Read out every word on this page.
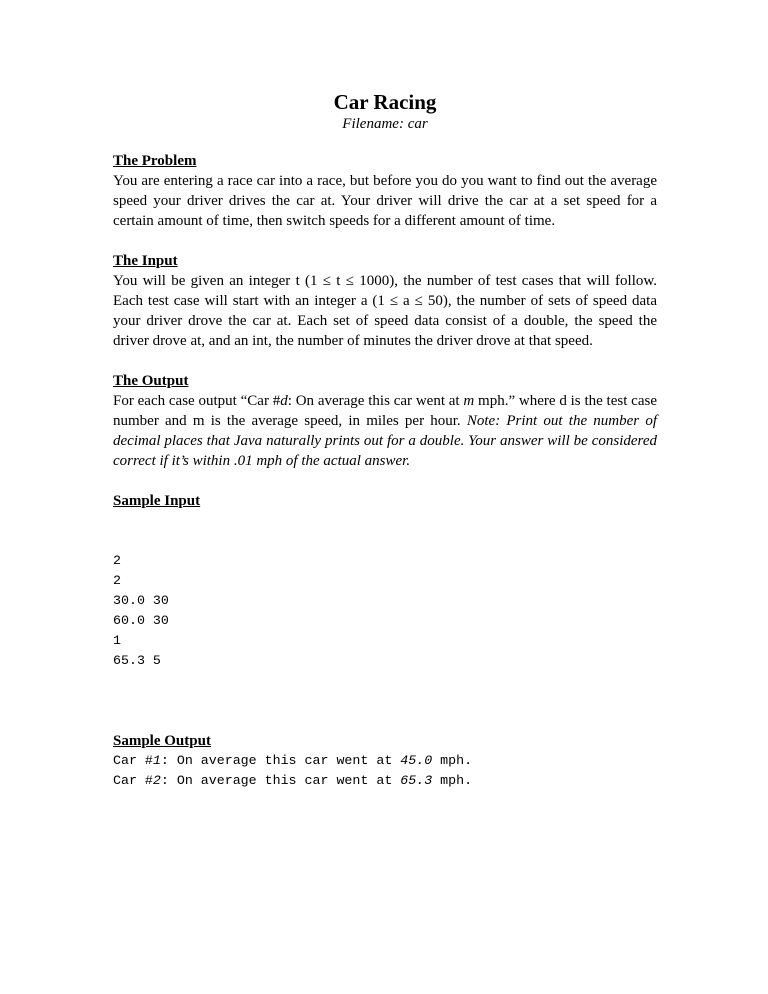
Car Racing
Filename: car
The Problem

You are entering a race car into a race, but before you do you want to find out the average speed your driver drives the car at. Your driver will drive the car at a set speed for a certain amount of time, then switch speeds for a different amount of time.

The Input

You will be given an integer t (1 ≤ t ≤ 1000), the number of test cases that will follow. Each test case will start with an integer a (1 ≤ a ≤ 50), the number of sets of speed data your driver drove the car at. Each set of speed data consist of a double, the speed the driver drove at, and an int, the number of minutes the driver drove at that speed.

The Output

For each case output “Car #d: On average this car went at m mph.” where d is the test case number and m is the average speed, in miles per hour. Note: Print out the number of decimal places that Java naturally prints out for a double. Your answer will be considered correct if it’s within .01 mph of the actual answer.

Sample Input

2
2
30.0 30
60.0 30
1
65.3 5

Sample Output
Car #1: On average this car went at 45.0 mph.
Car #2: On average this car went at 65.3 mph.
